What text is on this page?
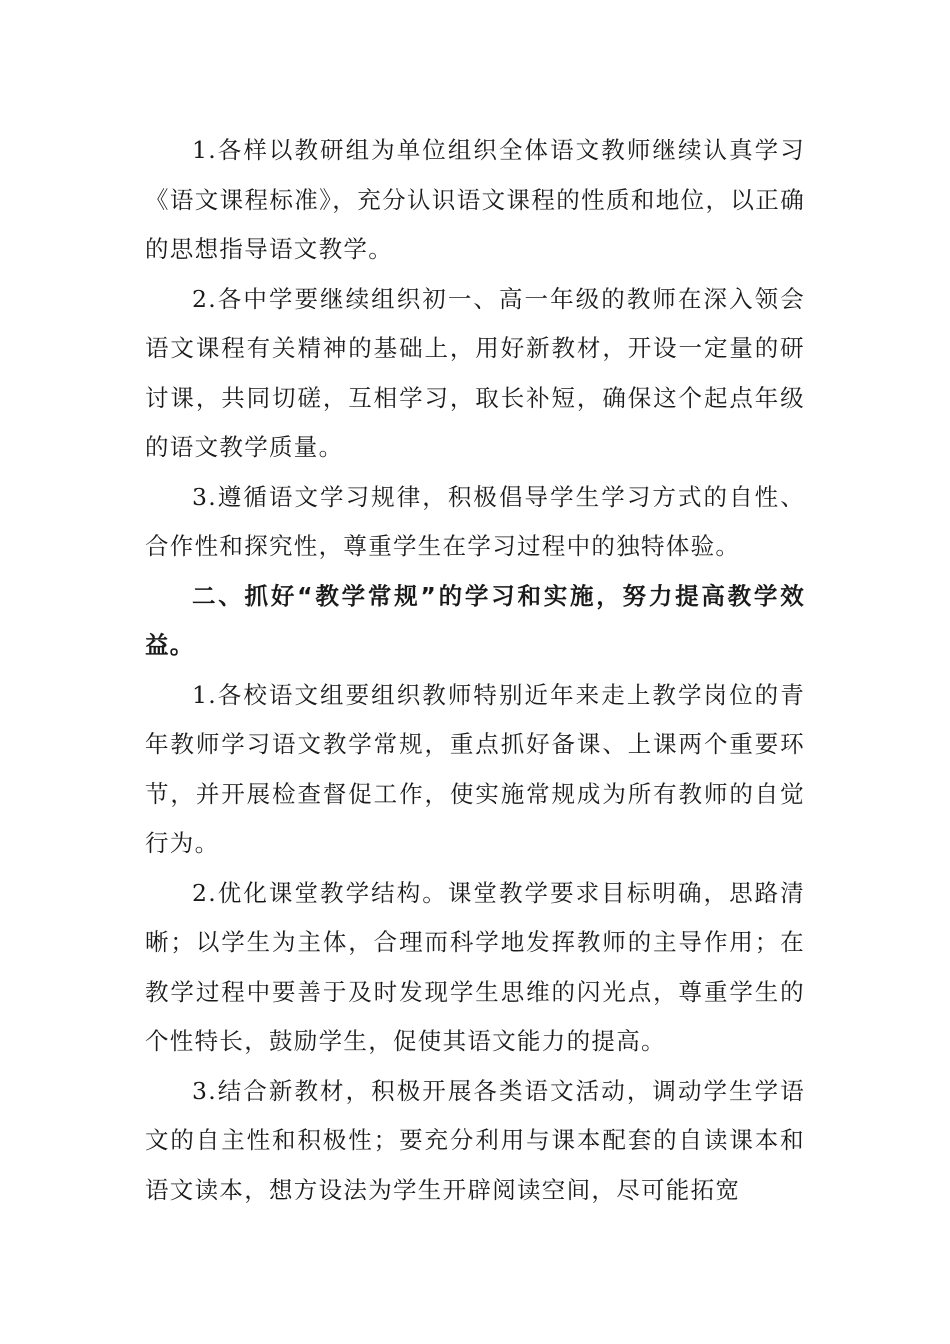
1.各样以教研组为单位组织全体语文教师继续认真学习《语文课程标准》，充分认识语文课程的性质和地位，以正确的思想指导语文教学。

2.各中学要继续组织初一、高一年级的教师在深入领会语文课程有关精神的基础上，用好新教材，开设一定量的研讨课，共同切磋，互相学习，取长补短，确保这个起点年级的语文教学质量。

3.遵循语文学习规律，积极倡导学生学习方式的自性、合作性和探究性，尊重学生在学习过程中的独特体验。

二、抓好“教学常规”的学习和实施，努力提高教学效益。

1.各校语文组要组织教师特别近年来走上教学岗位的青年教师学习语文教学常规，重点抓好备课、上课两个重要环节，并开展检查督促工作，使实施常规成为所有教师的自觉行为。

2.优化课堂教学结构。课堂教学要求目标明确，思路清晰；以学生为主体，合理而科学地发挥教师的主导作用；在教学过程中要善于及时发现学生思维的闪光点，尊重学生的个性特长，鼓励学生，促使其语文能力的提高。

3.结合新教材，积极开展各类语文活动，调动学生学语文的自主性和积极性；要充分利用与课本配套的自读课本和语文读本，想方设法为学生开辟阅读空间，尽可能拓宽
